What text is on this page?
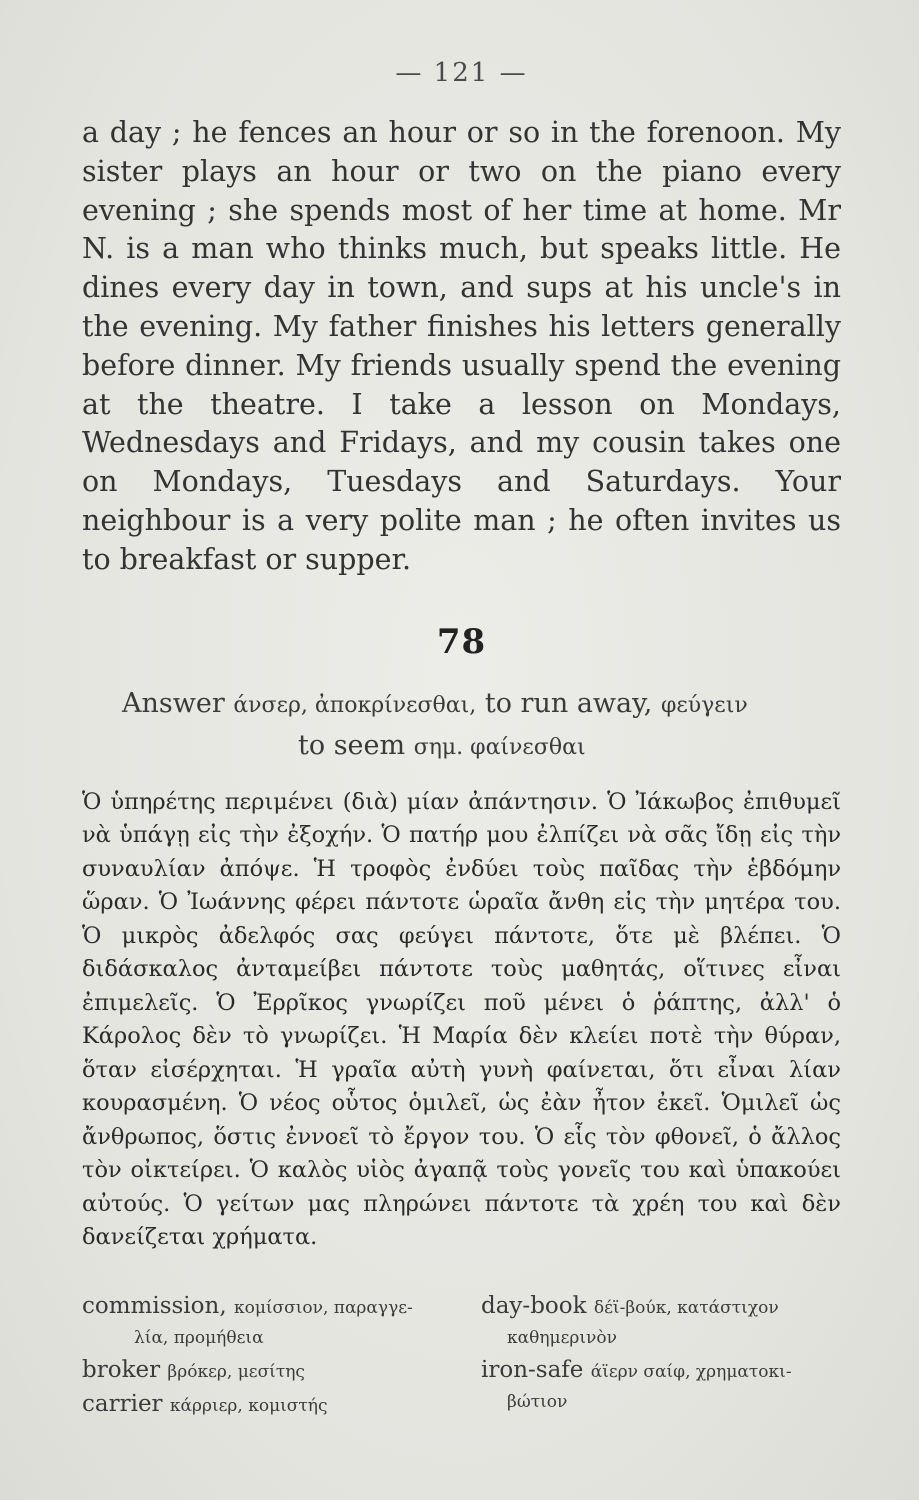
— 121 —

a day ; he fences an hour or so in the forenoon. My sister plays an hour or two on the piano every evening ; she spends most of her time at home. Mr N. is a man who thinks much, but speaks little. He dines every day in town, and sups at his uncle's in the evening. My father finishes his letters generally before dinner. My friends usually spend the evening at the theatre. I take a lesson on Mondays, Wednesdays and Fridays, and my cousin takes one on Mondays, Tuesdays and Saturdays. Your neighbour is a very polite man ; he often invites us to breakfast or supper.

78
Answer άνσερ, ἀποκρίνεσθαι, to run away, φεύγειν
to seem σημ. φαίνεσθαι

Ὁ ὑπηρέτης περιμένει (διὰ) μίαν ἀπάντησιν. Ὁ Ἰάκωβος ἐπιθυμεῖ νὰ ὑπάγῃ εἰς τὴν ἐξοχήν. Ὁ πατήρ μου ἐλπίζει νὰ σᾶς ἴδῃ εἰς τὴν συναυλίαν ἀπόψε. Ἡ τροφὸς ἐνδύει τοὺς παῖδας τὴν ἑβδόμην ὥραν. Ὁ Ἰωάννης φέρει πάντοτε ὡραῖα ἄνθη εἰς τὴν μητέρα του. Ὁ μικρὸς ἀδελφός σας φεύγει πάντοτε, ὅτε μὲ βλέπει. Ὁ διδάσκαλος ἀνταμείβει πάντοτε τοὺς μαθητάς, οἵτινες εἶναι ἐπιμελεῖς. Ὁ Ἐρρῖκος γνωρίζει ποῦ μένει ὁ ῥάπτης, ἀλλ' ὁ Κάρολος δὲν τὸ γνωρίζει. Ἡ Μαρία δὲν κλείει ποτὲ τὴν θύραν, ὅταν εἰσέρχηται. Ἡ γραῖα αὐτὴ γυνὴ φαίνεται, ὅτι εἶναι λίαν κουρασμένη. Ὁ νέος οὗτος ὁμιλεῖ, ὡς ἐὰν ἦτον ἐκεῖ. Ὁμιλεῖ ὡς ἄνθρωπος, ὅστις ἐννοεῖ τὸ ἔργον του. Ὁ εἷς τὸν φθονεῖ, ὁ ἄλλος τὸν οἰκτείρει. Ὁ καλὸς υἱὸς ἀγαπᾷ τοὺς γονεῖς του καὶ ὑπακούει αὐτούς. Ὁ γείτων μας πληρώνει πάντοτε τὰ χρέη του καὶ δὲν δανείζεται χρήματα.

commission, κομίσσιον, παραγγε-
λία, προμήθεια
broker βρόκερ, μεσίτης
carrier κάρριερ, κομιστής
day-book δέϊ-βούκ, κατάστιχον
καθημερινὸν
iron-safe άϊερν σαίφ, χρηματοκι-
βώτιον
